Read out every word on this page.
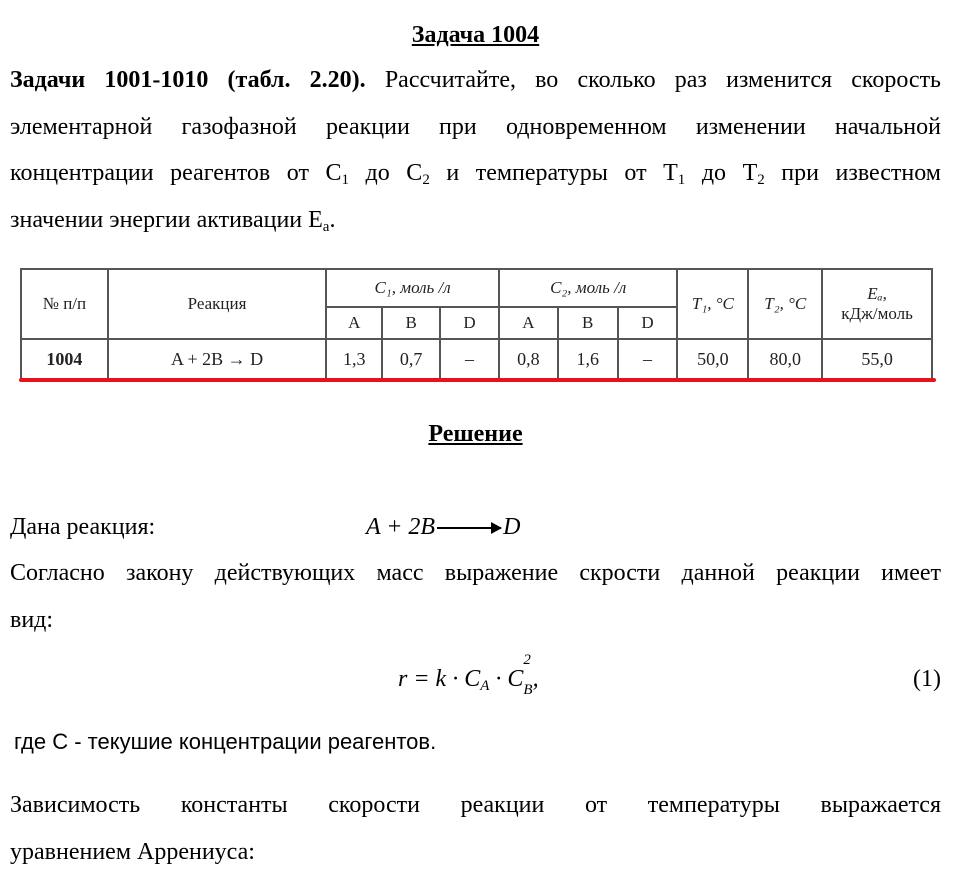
Задача 1004
Задачи 1001-1010 (табл. 2.20). Рассчитайте, во сколько раз изменится скорость
элементарной газофазной реакции при одновременном изменении начальной
концентрации реагентов от $C_1$ до $C_2$ и температуры от $T_1$ до $T_2$ при известном
значении энергии активации $E_a$.
№ п/п	Реакция	C₁, моль /л			C₂, моль /л			T₁, °C	T₂, °C	Eₐ,
кДж/моль
		A	B	D	A	B	D			
1004	A + 2B → D	1,3	0,7	–	0,8	1,6	–	50,0	80,0	55,0
Решение
Дана реакция:	A + 2B → D
Согласно закону действующих масс выражение скрости данной реакции имеет
вид:
$r = k \cdot C_A \cdot C$
2
$_B$,	(1)
где C - текушие концентрации реагентов.
Зависимость константы скорости реакции от температуры выражается
уравнением Аррениуса:
